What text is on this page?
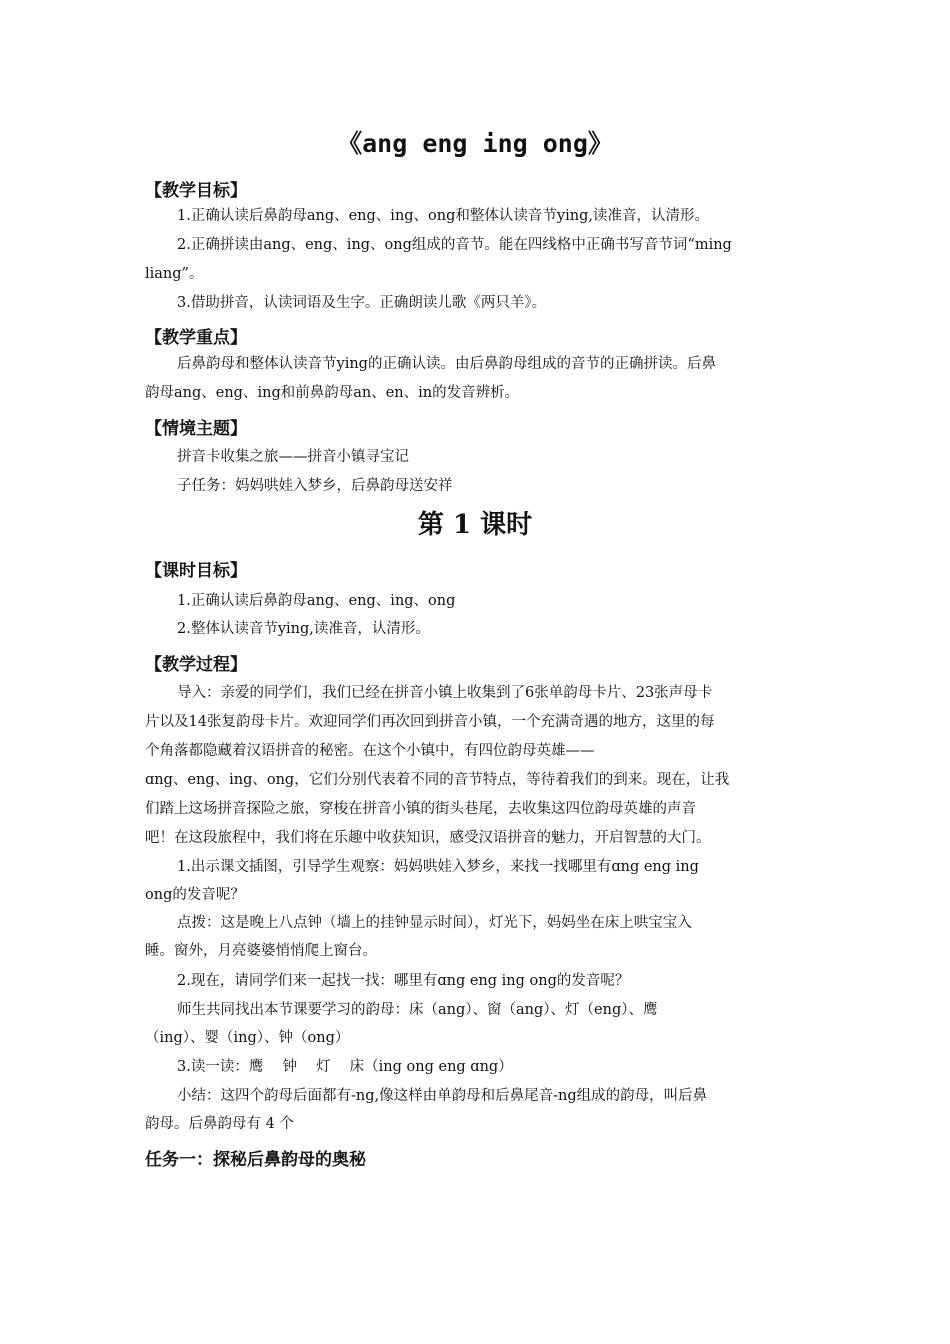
《ang eng ing ong》
【教学目标】
1.正确认读后鼻韵母ang、eng、ing、ong和整体认读音节ying,读准音，认清形。
2.正确拼读由ang、eng、ing、ong组成的音节。能在四线格中正确书写音节词“ming
liang”。
3.借助拼音，认读词语及生字。正确朗读儿歌《两只羊》。
【教学重点】
后鼻韵母和整体认读音节ying的正确认读。由后鼻韵母组成的音节的正确拼读。后鼻
韵母ang、eng、ing和前鼻韵母an、en、in的发音辨析。
【情境主题】
拼音卡收集之旅——拼音小镇寻宝记
子任务：妈妈哄娃入梦乡，后鼻韵母送安祥
第 1 课时
【课时目标】
1.正确认读后鼻韵母ang、eng、ing、ong
2.整体认读音节ying,读准音，认清形。
【教学过程】
导入：亲爱的同学们，我们已经在拼音小镇上收集到了6张单韵母卡片、23张声母卡
片以及14张复韵母卡片。欢迎同学们再次回到拼音小镇，一个充满奇遇的地方，这里的每
个角落都隐藏着汉语拼音的秘密。在这个小镇中，有四位韵母英雄——
ɑng、eng、ing、ong，它们分别代表着不同的音节特点，等待着我们的到来。现在，让我
们踏上这场拼音探险之旅，穿梭在拼音小镇的街头巷尾，去收集这四位韵母英雄的声音
吧！在这段旅程中，我们将在乐趣中收获知识，感受汉语拼音的魅力，开启智慧的大门。
1.出示课文插图，引导学生观察：妈妈哄娃入梦乡，来找一找哪里有ɑng eng ing
ong的发音呢？
点拨：这是晚上八点钟（墙上的挂钟显示时间），灯光下，妈妈坐在床上哄宝宝入
睡。窗外，月亮婆婆悄悄爬上窗台。
2.现在，请同学们来一起找一找：哪里有ɑng eng ing ong的发音呢？
师生共同找出本节课要学习的韵母：床（ang）、窗（ang）、灯（eng）、鹰
（ing）、婴（ing）、钟（ong）
3.读一读：鹰　 钟　 灯　 床（ing ong eng ɑng）
小结：这四个韵母后面都有-ng,像这样由单韵母和后鼻尾音-ng组成的韵母，叫后鼻
韵母。后鼻韵母有 4 个
任务一：探秘后鼻韵母的奥秘
